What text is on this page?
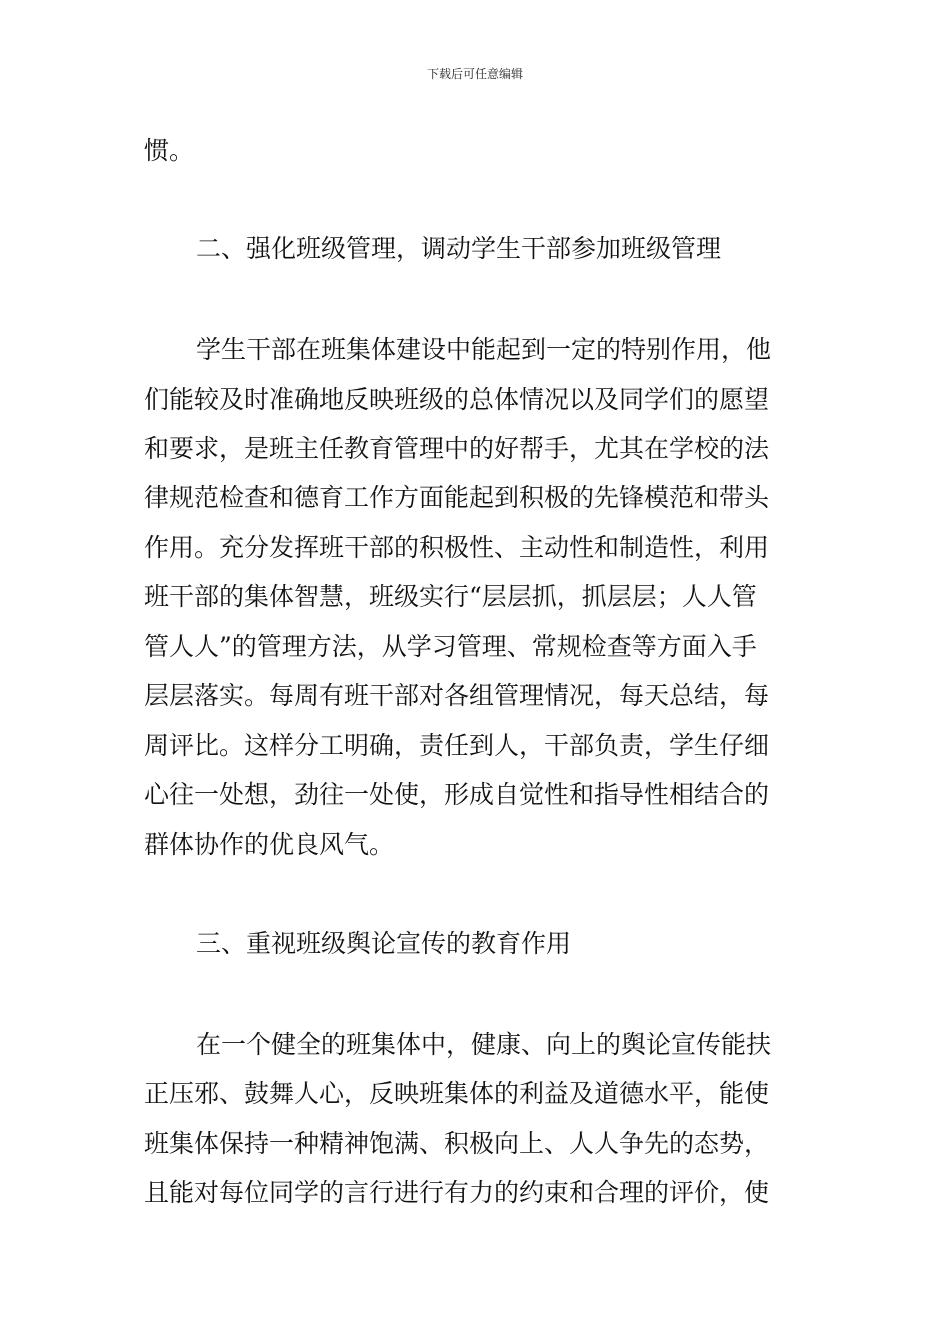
下载后可任意编辑
惯。
二、强化班级管理，调动学生干部参加班级管理
学生干部在班集体建设中能起到一定的特别作用，他
们能较及时准确地反映班级的总体情况以及同学们的愿望
和要求，是班主任教育管理中的好帮手，尤其在学校的法
律规范检查和德育工作方面能起到积极的先锋模范和带头
作用。充分发挥班干部的积极性、主动性和制造性，利用
班干部的集体智慧，班级实行“层层抓，抓层层；人人管
管人人”的管理方法，从学习管理、常规检查等方面入手
层层落实。每周有班干部对各组管理情况，每天总结，每
周评比。这样分工明确，责任到人，干部负责，学生仔细
心往一处想，劲往一处使，形成自觉性和指导性相结合的
群体协作的优良风气。
三、重视班级舆论宣传的教育作用
在一个健全的班集体中，健康、向上的舆论宣传能扶
正压邪、鼓舞人心，反映班集体的利益及道德水平，能使
班集体保持一种精神饱满、积极向上、人人争先的态势，
且能对每位同学的言行进行有力的约束和合理的评价，使
